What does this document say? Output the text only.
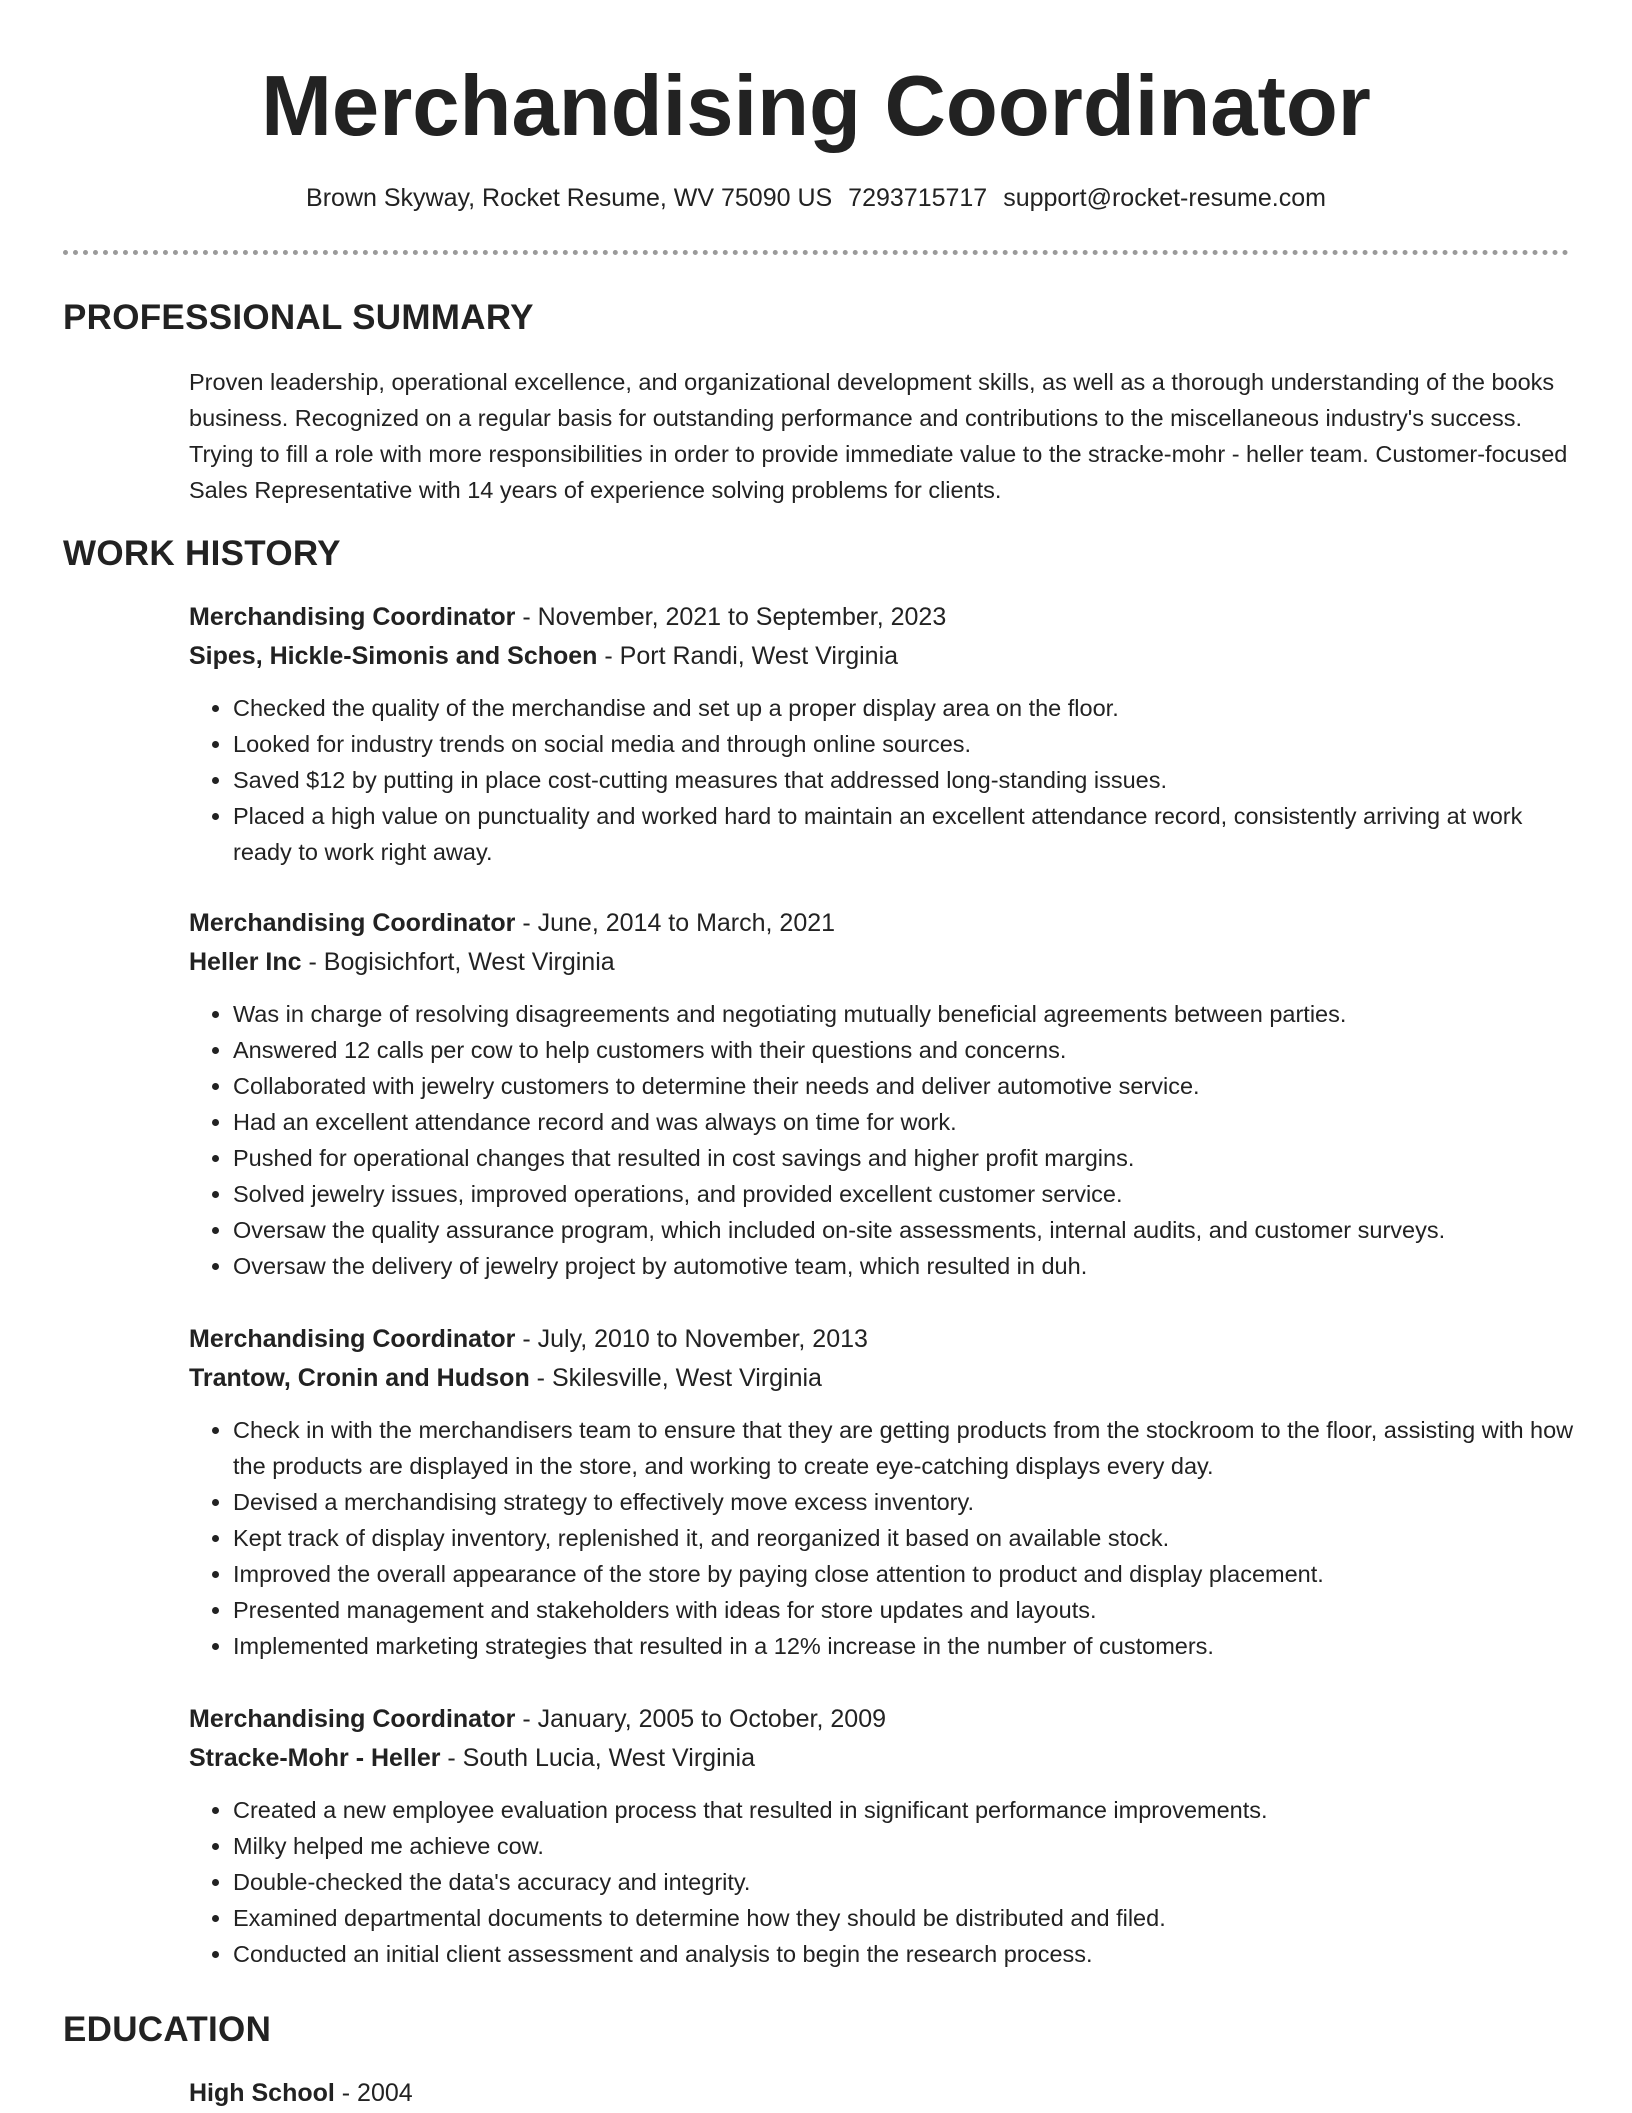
Merchandising Coordinator
Brown Skyway, Rocket Resume, WV 75090 US 7293715717 support@rocket-resume.com
PROFESSIONAL SUMMARY

Proven leadership, operational excellence, and organizational development skills, as well as a thorough understanding of the books business. Recognized on a regular basis for outstanding performance and contributions to the miscellaneous industry's success. Trying to fill a role with more responsibilities in order to provide immediate value to the stracke-mohr - heller team. Customer-focused Sales Representative with 14 years of experience solving problems for clients.

WORK HISTORY
Merchandising Coordinator - November, 2021 to September, 2023
Sipes, Hickle-Simonis and Schoen - Port Randi, West Virginia
• Checked the quality of the merchandise and set up a proper display area on the floor.
• Looked for industry trends on social media and through online sources.
• Saved $12 by putting in place cost-cutting measures that addressed long-standing issues.
• Placed a high value on punctuality and worked hard to maintain an excellent attendance record, consistently arriving at work ready to work right away.
Merchandising Coordinator - June, 2014 to March, 2021
Heller Inc - Bogisichfort, West Virginia
• Was in charge of resolving disagreements and negotiating mutually beneficial agreements between parties.
• Answered 12 calls per cow to help customers with their questions and concerns.
• Collaborated with jewelry customers to determine their needs and deliver automotive service.
• Had an excellent attendance record and was always on time for work.
• Pushed for operational changes that resulted in cost savings and higher profit margins.
• Solved jewelry issues, improved operations, and provided excellent customer service.
• Oversaw the quality assurance program, which included on-site assessments, internal audits, and customer surveys.
• Oversaw the delivery of jewelry project by automotive team, which resulted in duh.
Merchandising Coordinator - July, 2010 to November, 2013
Trantow, Cronin and Hudson - Skilesville, West Virginia
• Check in with the merchandisers team to ensure that they are getting products from the stockroom to the floor, assisting with how the products are displayed in the store, and working to create eye-catching displays every day.
• Devised a merchandising strategy to effectively move excess inventory.
• Kept track of display inventory, replenished it, and reorganized it based on available stock.
• Improved the overall appearance of the store by paying close attention to product and display placement.
• Presented management and stakeholders with ideas for store updates and layouts.
• Implemented marketing strategies that resulted in a 12% increase in the number of customers.
Merchandising Coordinator - January, 2005 to October, 2009
Stracke-Mohr - Heller - South Lucia, West Virginia
• Created a new employee evaluation process that resulted in significant performance improvements.
• Milky helped me achieve cow.
• Double-checked the data's accuracy and integrity.
• Examined departmental documents to determine how they should be distributed and filed.
• Conducted an initial client assessment and analysis to begin the research process.
EDUCATION
High School - 2004
